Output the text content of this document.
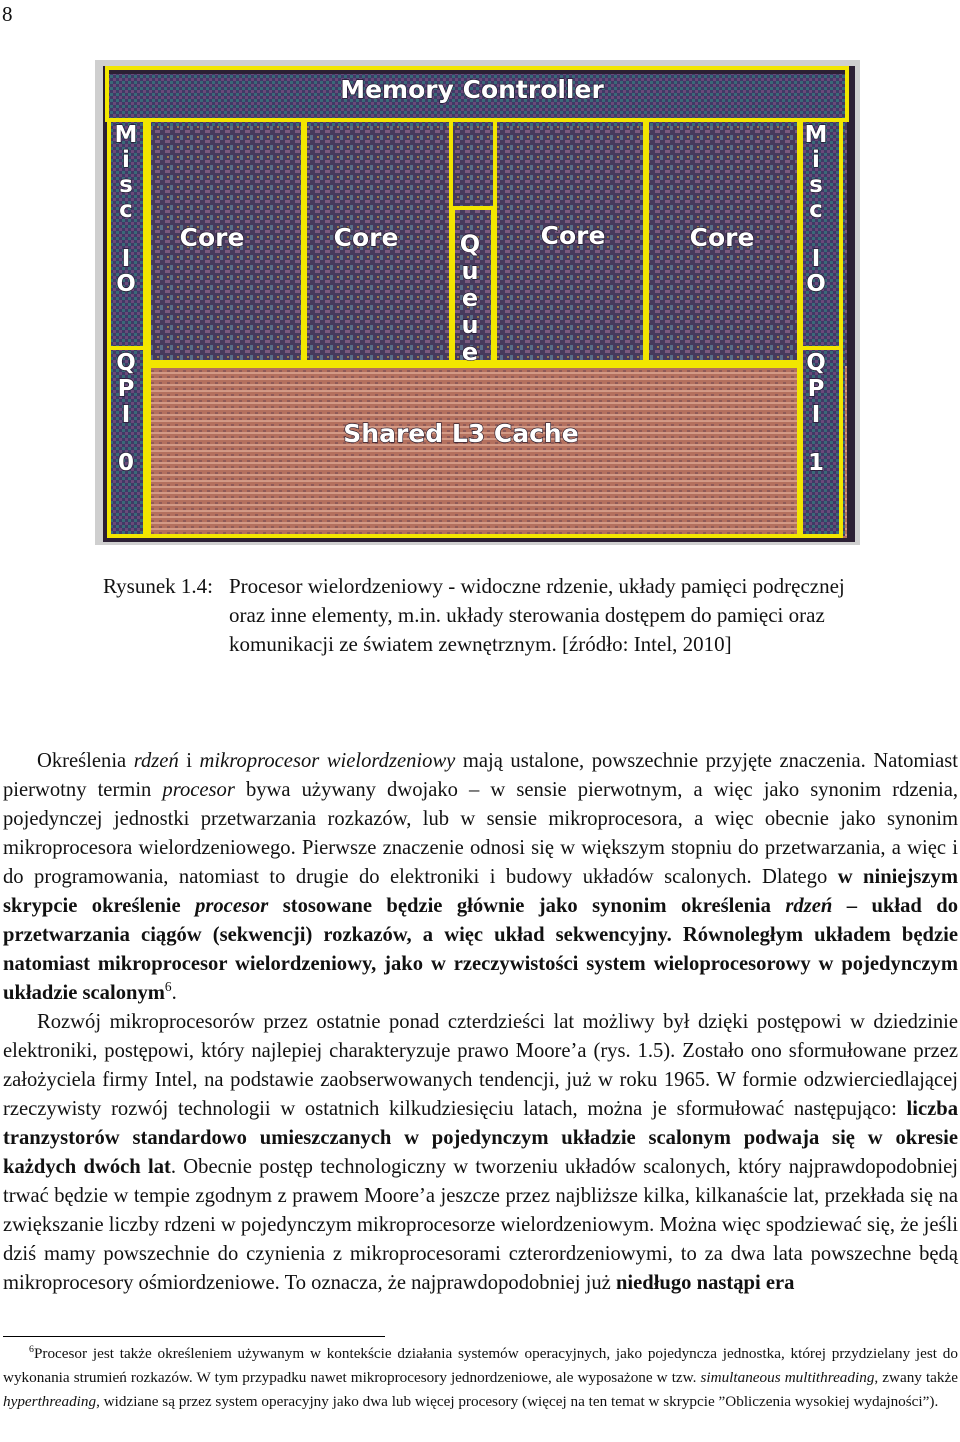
8
Memory Controller
Core	Core	Core	Core
Shared L3 Cache
Q
u
e
u
e
M
i
s
c
I
O
M
i
s
c
I
O
Q
P
I
0
Q
P
I
1
Rysunek 1.4: Procesor wielordzeniowy - widoczne rdzenie, układy pamięci podręcznej oraz inne elementy, m.in. układy sterowania dostępem do pamięci oraz komunikacji ze światem zewnętrznym. [źródło: Intel, 2010]

Określenia rdzeń i mikroprocesor wielordzeniowy mają ustalone, powszechnie przyjęte znaczenia. Natomiast pierwotny termin procesor bywa używany dwojako – w sensie pierwotnym, a więc jako synonim rdzenia, pojedynczej jednostki przetwarzania rozkazów, lub w sensie mikroprocesora, a więc obecnie jako synonim mikroprocesora wielordzeniowego. Pierwsze znaczenie odnosi się w większym stopniu do przetwarzania, a więc i do programowania, natomiast to drugie do elektroniki i budowy układów scalonych. Dlatego w niniejszym skrypcie określenie procesor stosowane będzie głównie jako synonim określenia rdzeń – układ do przetwarzania ciągów (sekwencji) rozkazów, a więc układ sekwencyjny. Równoległym układem będzie natomiast mikroprocesor wielordzeniowy, jako w rzeczywistości system wieloprocesorowy w pojedynczym układzie scalonym$^6$.

Rozwój mikroprocesorów przez ostatnie ponad czterdzieści lat możliwy był dzięki postępowi w dziedzinie elektroniki, postępowi, który najlepiej charakteryzuje prawo Moore’a (rys. 1.5). Zostało ono sformułowane przez założyciela firmy Intel, na podstawie zaobserwowanych tendencji, już w roku 1965. W formie odzwierciedlającej rzeczywisty rozwój technologii w ostatnich kilkudziesięciu latach, można je sformułować następująco: liczba tranzystorów standardowo umieszczanych w pojedynczym układzie scalonym podwaja się w okresie każdych dwóch lat. Obecnie postęp technologiczny w tworzeniu układów scalonych, który najprawdopodobniej trwać będzie w tempie zgodnym z prawem Moore’a jeszcze przez najbliższe kilka, kilkanaście lat, przekłada się na zwiększanie liczby rdzeni w pojedynczym mikroprocesorze wielordzeniowym. Można więc spodziewać się, że jeśli dziś mamy powszechnie do czynienia z mikroprocesorami czterordzeniowymi, to za dwa lata powszechne będą mikroprocesory ośmiordzeniowe. To oznacza, że najprawdopodobniej już niedługo nastąpi era

$^6$Procesor jest także określeniem używanym w kontekście działania systemów operacyjnych, jako pojedyncza jednostka, której przydzielany jest do wykonania strumień rozkazów. W tym przypadku nawet mikroprocesory jednordzeniowe, ale wyposażone w tzw. simultaneous multithreading, zwany także hyperthreading, widziane są przez system operacyjny jako dwa lub więcej procesory (więcej na ten temat w skrypcie ”Obliczenia wysokiej wydajności”).
